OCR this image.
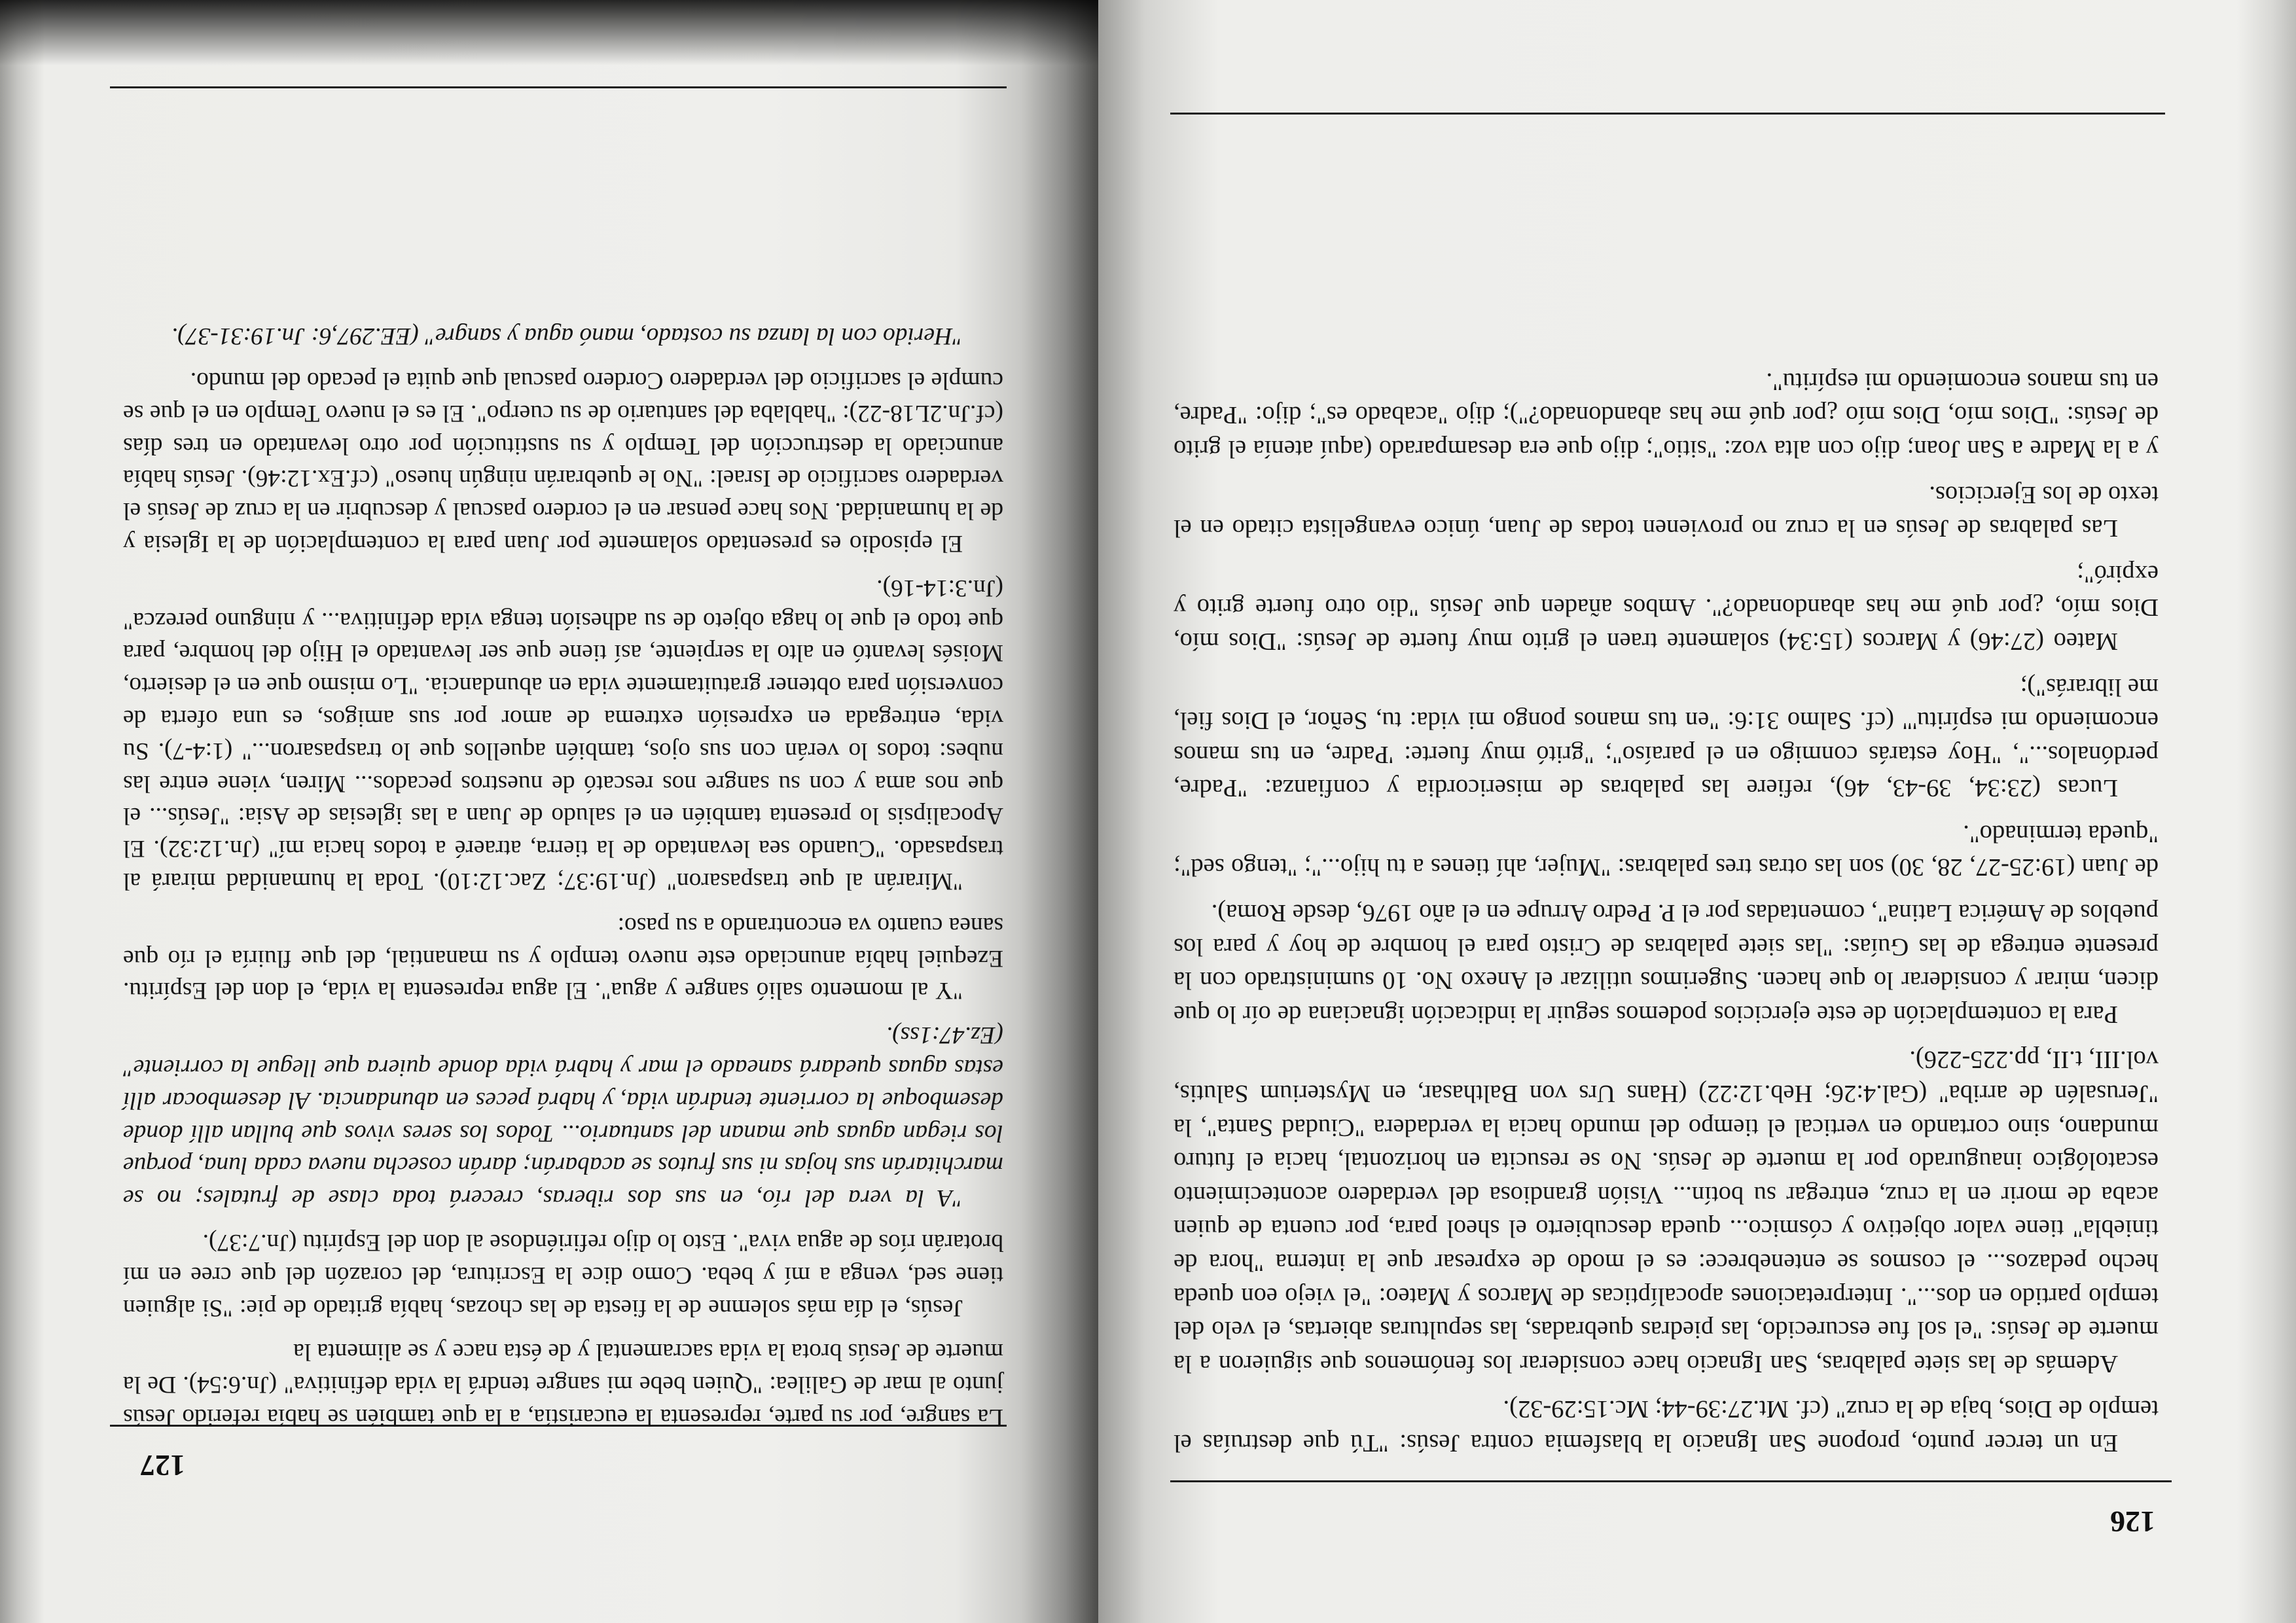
126

En un tercer punto, propone San Ignacio la blasfemia contra Jesús: "Tú que destruías el templo de Dios, baja de la cruz" (cf. Mt.27:39-44; Mc.15:29-32).

Además de las siete palabras, San Ignacio hace considerar los fenómenos que siguieron a la muerte de Jesús: "el sol fue escurecido, las piedras quebradas, las sepulturas abiertas, el velo del templo partido en dos...". Interpretaciones apocalípticas de Marcos y Mateo: "el viejo eon queda hecho pedazos... el cosmos se entenebrece: es el modo de expresar que la interna "hora de tiniebla" tiene valor objetivo y cósmico... queda descubierto el sheol para, por cuenta de quien acaba de morir en la cruz, entregar su botín... Visión grandiosa del verdadero acontecimiento escatológico inaugurado por la muerte de Jesús. No se resucita en horizontal, hacia el futuro mundano, sino cortando en vertical el tiempo del mundo hacia la verdadera "Ciudad Santa", la "Jerusalén de arriba" (Gal.4:26; Heb.12:22) (Hans Urs von Balthasar, en Mysterium Salutis, vol.III, t.II, pp.225-226).

Para la contemplación de este ejercicios podemos seguir la indicación ignaciana de oír lo que dicen, mirar y considerar lo que hacen. Sugerimos utilizar el Anexo No. 10 suministrado con la presente entrega de las Guías: "las siete palabras de Cristo para el hombre de hoy y para los pueblos de América Latina", comentadas por el P. Pedro Arrupe en el año 1976, desde Roma).

de Juan (19:25-27, 28, 30) son las otras tres palabras: "Mujer, ahí tienes a tu hijo..."; "tengo sed"; "queda terminado".

Lucas (23:34, 39-43, 46), refiere las palabras de misericordia y confianza: "Padre, perdónalos...", "Hoy estarás conmigo en el paraíso"; "gritó muy fuerte: 'Padre, en tus manos encomiendo mi espíritu'" (cf. Salmo 31:6: "en tus manos pongo mi vida: tu, Señor, el Dios fiel, me librarás");

Mateo (27:46) y Marcos (15:34) solamente traen el grito muy fuerte de Jesús: "Dios mío, Dios mío, ¿por qué me has abandonado?". Ambos añaden que Jesús "dio otro fuerte grito y expiró";

Las palabras de Jesús en la cruz no provienen todas de Juan, único evangelista citado en el texto de los Ejercicios.

y a la Madre a San Joan; dijo con alta voz: "sitio"; dijo que era desamparado (aquí atenía el grito de Jesús: "Dios mío, Dios mío ¿por qué me has abandonado?"); dijo "acabado es"; dijo: "Padre, en tus manos encomiendo mi espíritu".

127

La sangre, por su parte, representa la eucaristía, a la que también se había referido Jesús junto al mar de Galilea: "Quien bebe mi sangre tendrá la vida definitiva" (Jn.6:54). De la muerte de Jesús brota la vida sacramental y de ésta nace y se alimenta la

Jesús, el día más solemne de la fiesta de las chozas, había gritado de pie: "Si alguien tiene sed, venga a mí y beba. Como dice la Escritura, del corazón del que cree en mí brotarán ríos de agua viva". Esto lo dijo refiriéndose al don del Espíritu (Jn.7:37).

"A la vera del río, en sus dos riberas, crecerá toda clase de frutales; no se marchitarán sus hojas ni sus frutos se acabarán; darán cosecha nueva cada luna, porque los riegan aguas que manan del santuario... Todos los seres vivos que bullan allí donde desemboque la corriente tendrán vida, y habrá peces en abundancia. Al desembocar allí estas aguas quedará saneado el mar y habrá vida donde quiera que llegue la corriente" (Ez.47:1ss).

"Y al momento salió sangre y agua". El agua representa la vida, el don del Espíritu. Ezequiel había anunciado este nuevo templo y su manantial, del que fluiría el río que sanea cuanto va encontrando a su paso:

"Mirarán al que traspasaron" (Jn.19:37; Zac.12:10). Toda la humanidad mirará al traspasado. "Cuando sea levantado de la tierra, atraeré a todos hacia mí" (Jn.12:32). El Apocalipsis lo presenta también en el saludo de Juan a las iglesias de Asia: "Jesús... el que nos ama y con su sangre nos rescató de nuestros pecados... Miren, viene entre las nubes: todos lo verán con sus ojos, también aquellos que lo traspasaron..." (1:4-7). Su vida, entregada en expresión extrema de amor por sus amigos, es una oferta de conversión para obtener gratuitamente vida en abundancia. "Lo mismo que en el desierto, Moisés levantó en alto la serpiente, así tiene que ser levantado el Hijo del hombre, para que todo el que lo haga objeto de su adhesión tenga vida definitiva... y ninguno perezca" (Jn.3:14-16).

El episodio es presentado solamente por Juan para la contemplación de la Iglesia y de la humanidad. Nos hace pensar en el cordero pascual y descubrir en la cruz de Jesús el verdadero sacrificio de Israel: "No le quebrarán ningún hueso" (cf.Ex.12:46). Jesús había anunciado la destrucción del Templo y su sustitución por otro levantado en tres días (cf.Jn.2L18-22): "hablaba del santuario de su cuerpo". El es el nuevo Templo en el que se cumple el sacrificio del verdadero Cordero pascual que quita el pecado del mundo.

"Herido con la lanza su costado, manó agua y sangre" (EE.297,6: Jn.19:31-37).
